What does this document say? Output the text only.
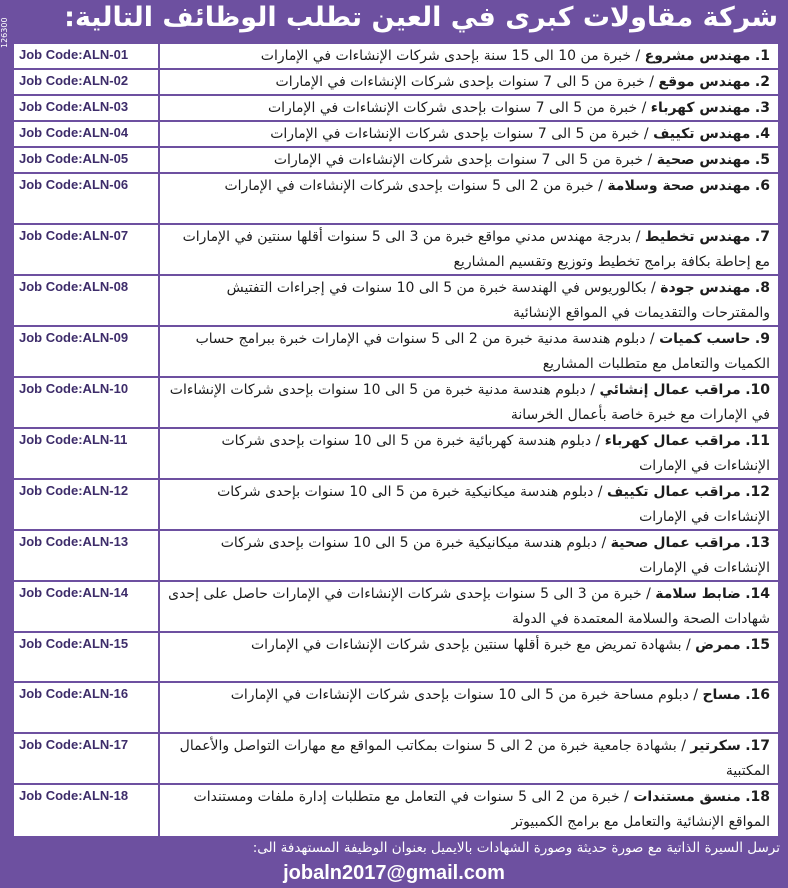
126300	شركة مقاولات كبرى في العين تطلب الوظائف التالية:
Job Code:ALN-01	1. مهندس مشروع / خبرة من 10 الى 15 سنة بإحدى شركات الإنشاءات في الإمارات
Job Code:ALN-02	2. مهندس موقع / خبرة من 5 الى 7 سنوات بإحدى شركات الإنشاءات في الإمارات
Job Code:ALN-03	3. مهندس كهرباء / خبرة من 5 الى 7 سنوات بإحدى شركات الإنشاءات في الإمارات
Job Code:ALN-04	4. مهندس تكييف / خبرة من 5 الى 7 سنوات بإحدى شركات الإنشاءات في الإمارات
Job Code:ALN-05	5. مهندس صحية / خبرة من 5 الى 7 سنوات بإحدى شركات الإنشاءات في الإمارات
Job Code:ALN-06	6. مهندس صحة وسلامة / خبرة من 2 الى 5 سنوات بإحدى شركات الإنشاءات في الإمارات
Job Code:ALN-07	7. مهندس تخطيط / بدرجة مهندس مدني مواقع خبرة من 3 الى 5 سنوات أقلها سنتين في الإمارات مع إحاطة بكافة برامج تخطيط وتوزيع وتقسيم المشاريع
Job Code:ALN-08	8. مهندس جودة / بكالوريوس في الهندسة خبرة من 5 الى 10 سنوات في إجراءات التفتيش والمقترحات والتقديمات في المواقع الإنشائية
Job Code:ALN-09	9. حاسب كميات / دبلوم هندسة مدنية خبرة من 2 الى 5 سنوات في الإمارات خبرة ببرامج حساب الكميات والتعامل مع متطلبات المشاريع
Job Code:ALN-10	10. مراقب عمال إنشائي / دبلوم هندسة مدنية خبرة من 5 الى 10 سنوات بإحدى شركات الإنشاءات في الإمارات مع خبرة خاصة بأعمال الخرسانة
Job Code:ALN-11	11. مراقب عمال كهرباء / دبلوم هندسة كهربائية خبرة من 5 الى 10 سنوات بإحدى شركات الإنشاءات في الإمارات
Job Code:ALN-12	12. مراقب عمال تكييف / دبلوم هندسة ميكانيكية خبرة من 5 الى 10 سنوات بإحدى شركات الإنشاءات في الإمارات
Job Code:ALN-13	13. مراقب عمال صحية / دبلوم هندسة ميكانيكية خبرة من 5 الى 10 سنوات بإحدى شركات الإنشاءات في الإمارات
Job Code:ALN-14	14. ضابط سلامة / خبرة من 3 الى 5 سنوات بإحدى شركات الإنشاءات في الإمارات حاصل على إحدى شهادات الصحة والسلامة المعتمدة في الدولة
Job Code:ALN-15	15. ممرض / بشهادة تمريض مع خبرة أقلها سنتين بإحدى شركات الإنشاءات في الإمارات
Job Code:ALN-16	16. مساح / دبلوم مساحة خبرة من 5 الى 10 سنوات بإحدى شركات الإنشاءات في الإمارات
Job Code:ALN-17	17. سكرتير / بشهادة جامعية خبرة من 2 الى 5 سنوات بمكاتب المواقع مع مهارات التواصل والأعمال المكتبية
Job Code:ALN-18	18. منسق مستندات / خبرة من 2 الى 5 سنوات في التعامل مع متطلبات إدارة ملفات ومستندات المواقع الإنشائية والتعامل مع برامج الكمبيوتر
ترسل السيرة الذاتية مع صورة حديثة وصورة الشهادات بالايميل بعنوان الوظيفة المستهدفة الى:
jobaln2017@gmail.com
